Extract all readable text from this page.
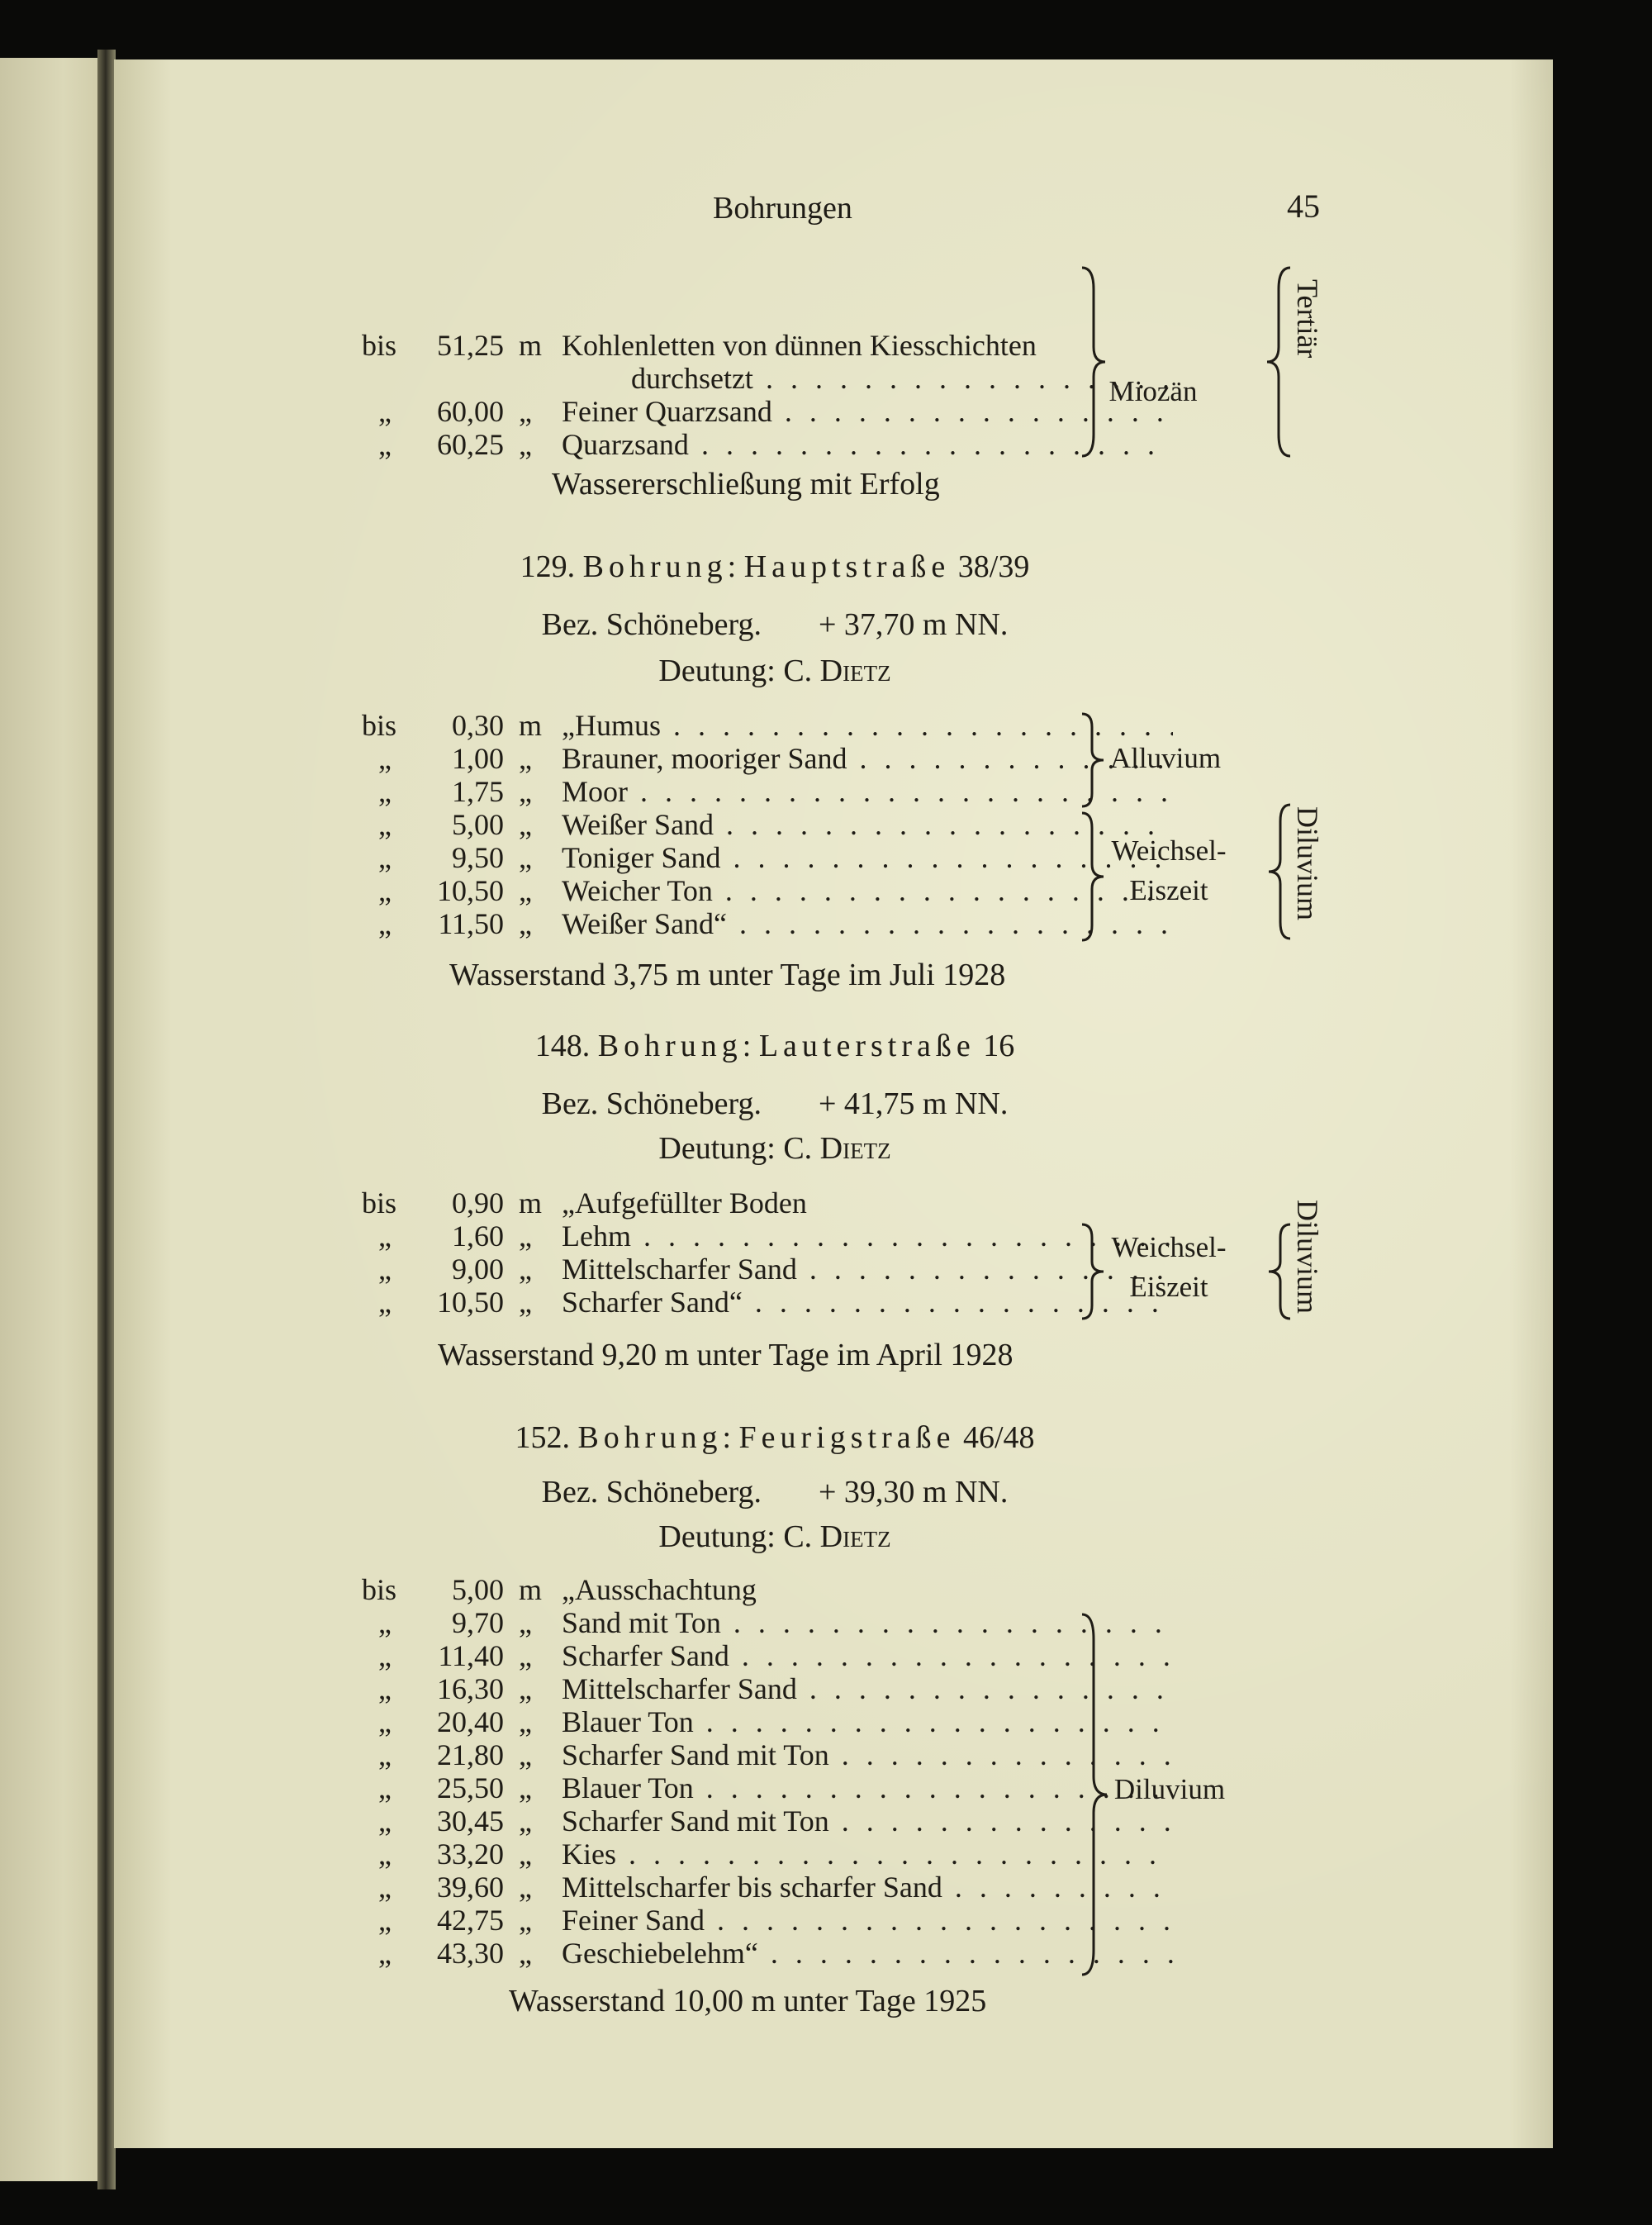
Bohrungen	45
bis	51,25 m Kohlenletten von dünnen Kiesschichten
durchsetzt . . .
„	60,00 „ Feiner Quarzsand . . .
„	60,25 „ Quarzsand . . .
Miozän
Tertiär
Wassererschließung mit Erfolg
129. Bohrung: Hauptstraße 38/39
Bez. Schöneberg. + 37,70 m NN.
Deutung: C. Dietz
bis	0,30 m „Humus . . .
„	1,00 „ Brauner, mooriger Sand . . .
„	1,75 „ Moor . . .
„	5,00 „ Weißer Sand . . .
„	9,50 „ Toniger Sand . . .
„	10,50 „ Weicher Ton . . .
„	11,50 „ Weißer Sand“ . . .
Alluvium
Weichsel-
Eiszeit	Diluvium
Wasserstand 3,75 m unter Tage im Juli 1928
148. Bohrung: Lauterstraße 16
Bez. Schöneberg. + 41,75 m NN.
Deutung: C. Dietz
bis	0,90 m „Aufgefüllter Boden
„	1,60 „ Lehm . . .
„	9,00 „ Mittelscharfer Sand . . .
„	10,50 „ Scharfer Sand“ . . .
Weichsel-
Eiszeit	Diluvium
Wasserstand 9,20 m unter Tage im April 1928
152. Bohrung: Feurigstraße 46/48
Bez. Schöneberg. + 39,30 m NN.
Deutung: C. Dietz
bis	5,00 m „Ausschachtung
„	9,70 „ Sand mit Ton . . .
„	11,40 „ Scharfer Sand . . .
„	16,30 „ Mittelscharfer Sand . . .
„	20,40 „ Blauer Ton . . .
„	21,80 „ Scharfer Sand mit Ton . . .
„	25,50 „ Blauer Ton . . .
„	30,45 „ Scharfer Sand mit Ton . . .
„	33,20 „ Kies . . .
„	39,60 „ Mittelscharfer bis scharfer Sand . . .
„	42,75 „ Feiner Sand . . .
„	43,30 „ Geschiebelehm“ . . .
Diluvium
Wasserstand 10,00 m unter Tage 1925
